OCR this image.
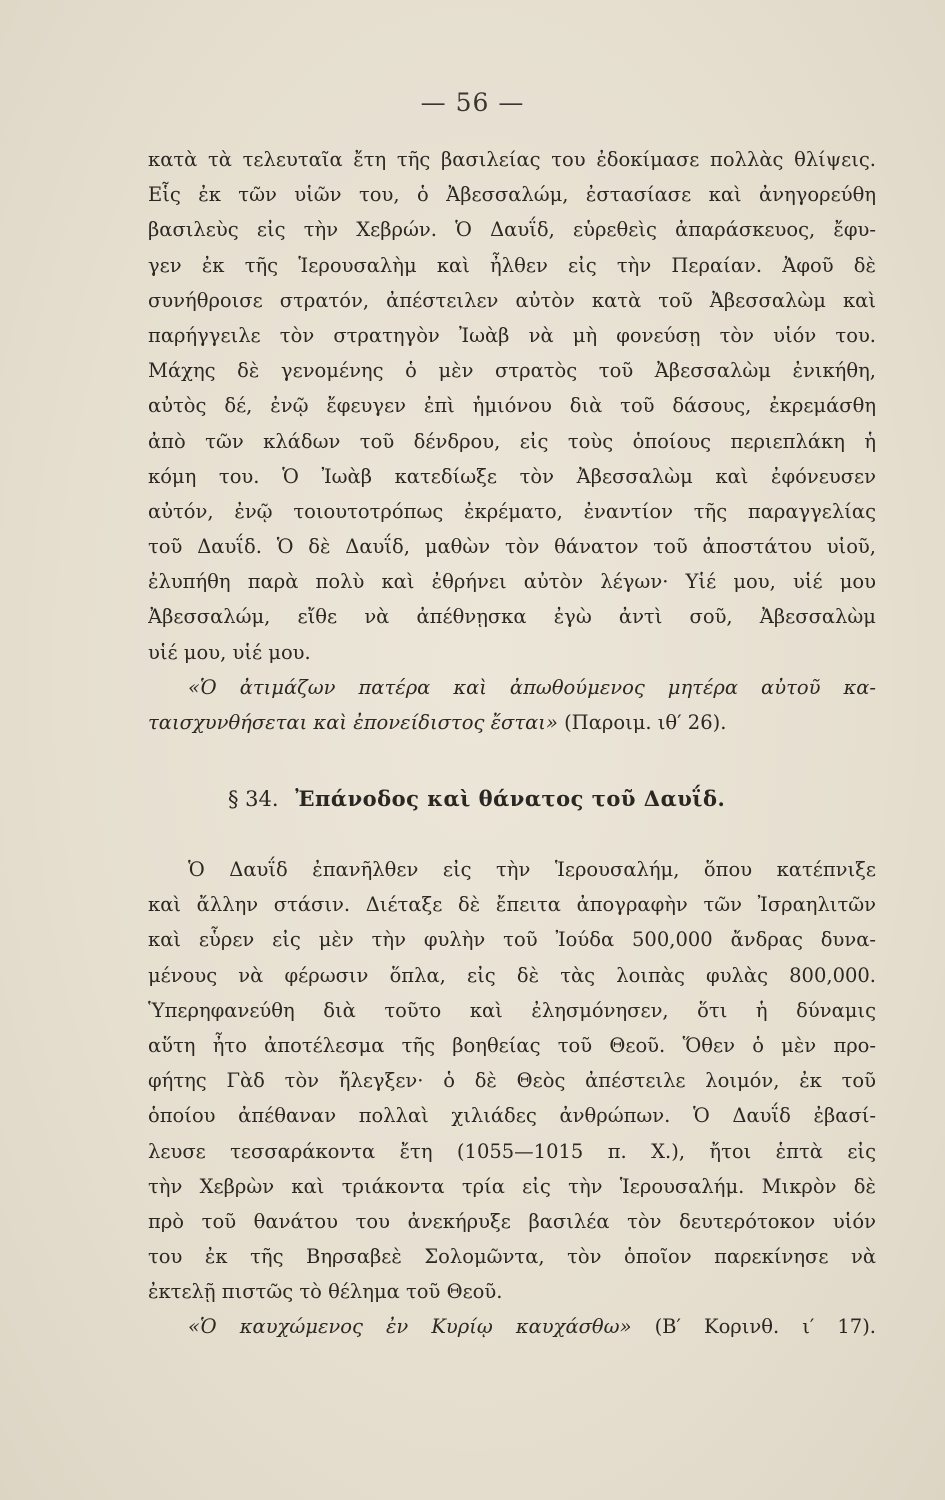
— 56 —
κατὰ τὰ τελευταῖα ἔτη τῆς βασιλείας του ἐδοκίμασε πολλὰς θλίψεις.
Εἷς ἐκ τῶν υἱῶν του, ὁ Ἀβεσσαλώμ, ἐστασίασε καὶ ἀνηγορεύθη
βασιλεὺς εἰς τὴν Χεβρών. Ὁ Δαυΐδ, εὑρεθεὶς ἀπαράσκευος, ἔφυ-
γεν ἐκ τῆς Ἱερουσαλὴμ καὶ ἦλθεν εἰς τὴν Περαίαν. Ἀφοῦ δὲ
συνήθροισε στρατόν, ἀπέστειλεν αὐτὸν κατὰ τοῦ Ἀβεσσαλὼμ καὶ
παρήγγειλε τὸν στρατηγὸν Ἰωὰβ νὰ μὴ φονεύσῃ τὸν υἱόν του.
Μάχης δὲ γενομένης ὁ μὲν στρατὸς τοῦ Ἀβεσσαλὼμ ἐνικήθη,
αὐτὸς δέ, ἐνῷ ἔφευγεν ἐπὶ ἡμιόνου διὰ τοῦ δάσους, ἐκρεμάσθη
ἀπὸ τῶν κλάδων τοῦ δένδρου, εἰς τοὺς ὁποίους περιεπλάκη ἡ
κόμη του. Ὁ Ἰωὰβ κατεδίωξε τὸν Ἀβεσσαλὼμ καὶ ἐφόνευσεν
αὐτόν, ἐνῷ τοιουτοτρόπως ἐκρέματο, ἐναντίον τῆς παραγγελίας
τοῦ Δαυΐδ. Ὁ δὲ Δαυΐδ, μαθὼν τὸν θάνατον τοῦ ἀποστάτου υἱοῦ,
ἐλυπήθη παρὰ πολὺ καὶ ἐθρήνει αὐτὸν λέγων· Υἱέ μου, υἱέ μου
Ἀβεσσαλώμ, εἴθε νὰ ἀπέθνῃσκα ἐγὼ ἀντὶ σοῦ, Ἀβεσσαλὼμ
υἱέ μου, υἱέ μου.
«Ὁ ἀτιμάζων πατέρα καὶ ἀπωθούμενος μητέρα αὐτοῦ κα-
ταισχυνθήσεται καὶ ἐπονείδιστος ἔσται» (Παροιμ. ιθ′ 26).
§ 34. Ἐπάνοδος καὶ θάνατος τοῦ Δαυΐδ.
Ὁ Δαυΐδ ἐπανῆλθεν εἰς τὴν Ἱερουσαλήμ, ὅπου κατέπνιξε
καὶ ἄλλην στάσιν. Διέταξε δὲ ἔπειτα ἀπογραφὴν τῶν Ἰσραηλιτῶν
καὶ εὗρεν εἰς μὲν τὴν φυλὴν τοῦ Ἰούδα 500,000 ἄνδρας δυνα-
μένους νὰ φέρωσιν ὅπλα, εἰς δὲ τὰς λοιπὰς φυλὰς 800,000.
Ὑπερηφανεύθη διὰ τοῦτο καὶ ἐλησμόνησεν, ὅτι ἡ δύναμις
αὕτη ἦτο ἀποτέλεσμα τῆς βοηθείας τοῦ Θεοῦ. Ὅθεν ὁ μὲν προ-
φήτης Γὰδ τὸν ἤλεγξεν· ὁ δὲ Θεὸς ἀπέστειλε λοιμόν, ἐκ τοῦ
ὁποίου ἀπέθαναν πολλαὶ χιλιάδες ἀνθρώπων. Ὁ Δαυΐδ ἐβασί-
λευσε τεσσαράκοντα ἔτη (1055—1015 π. Χ.), ἤτοι ἑπτὰ εἰς
τὴν Χεβρὼν καὶ τριάκοντα τρία εἰς τὴν Ἱερουσαλήμ. Μικρὸν δὲ
πρὸ τοῦ θανάτου του ἀνεκήρυξε βασιλέα τὸν δευτερότοκον υἱόν
του ἐκ τῆς Βηρσαβεὲ Σολομῶντα, τὸν ὁποῖον παρεκίνησε νὰ
ἐκτελῇ πιστῶς τὸ θέλημα τοῦ Θεοῦ.
«Ὁ καυχώμενος ἐν Κυρίῳ καυχάσθω» (Β′ Κορινθ. ι′ 17).
